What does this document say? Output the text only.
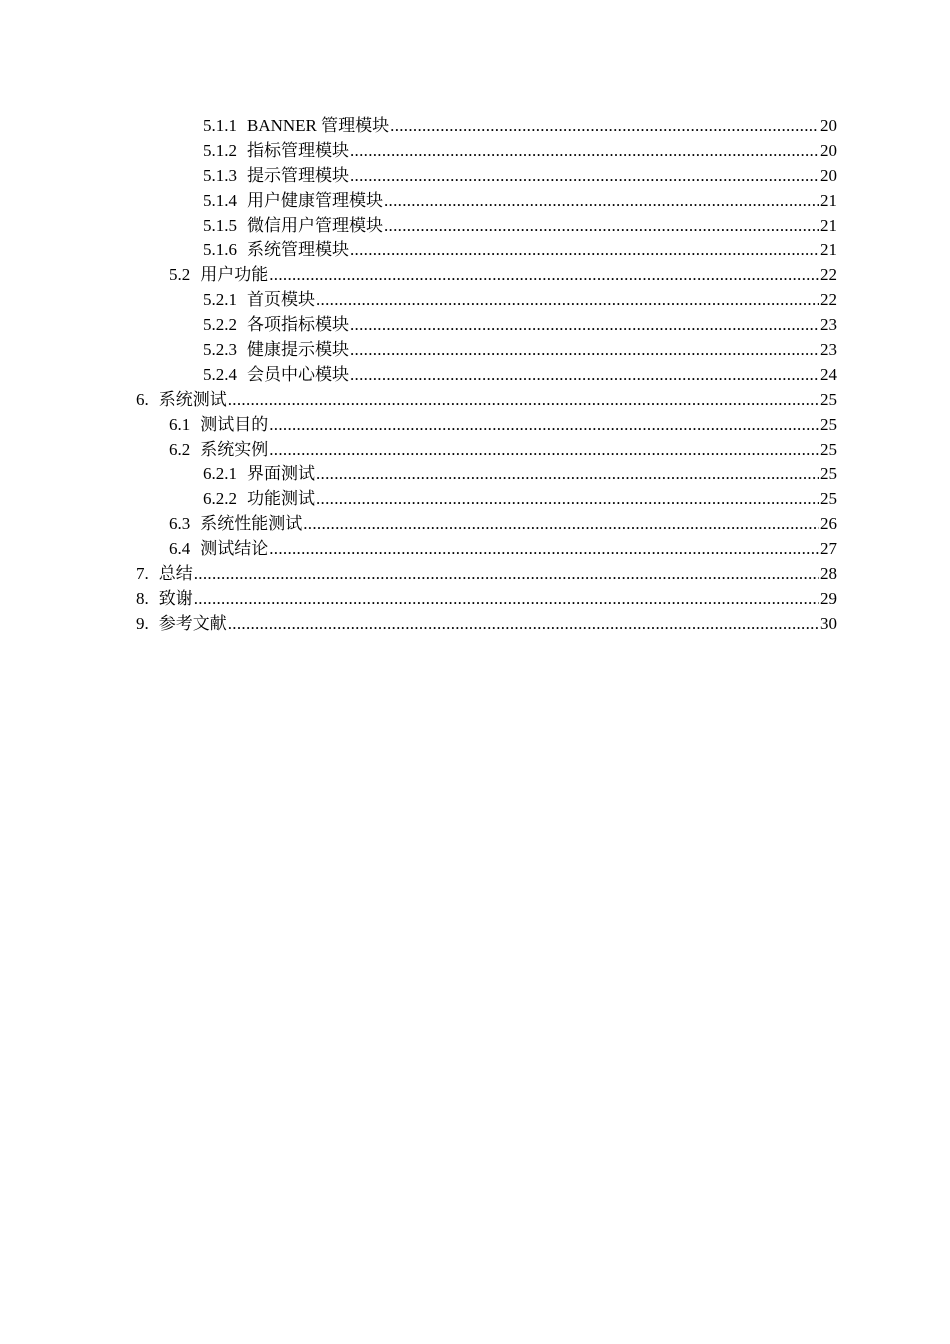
5.1.1 BANNER 管理模块 .....	20
5.1.2 指标管理模块 .....	20
5.1.3 提示管理模块 .....	20
5.1.4 用户健康管理模块 .....	21
5.1.5 微信用户管理模块 .....	21
5.1.6 系统管理模块 .....	21
5.2 用户功能 .....	22
5.2.1 首页模块 .....	22
5.2.2 各项指标模块 .....	23
5.2.3 健康提示模块 .....	23
5.2.4 会员中心模块 .....	24
6. 系统测试 .....	25
6.1 测试目的 .....	25
6.2 系统实例 .....	25
6.2.1 界面测试 .....	25
6.2.2 功能测试 .....	25
6.3 系统性能测试 .....	26
6.4 测试结论 .....	27
7. 总结 .....	28
8. 致谢 .....	29
9. 参考文献 .....	30
